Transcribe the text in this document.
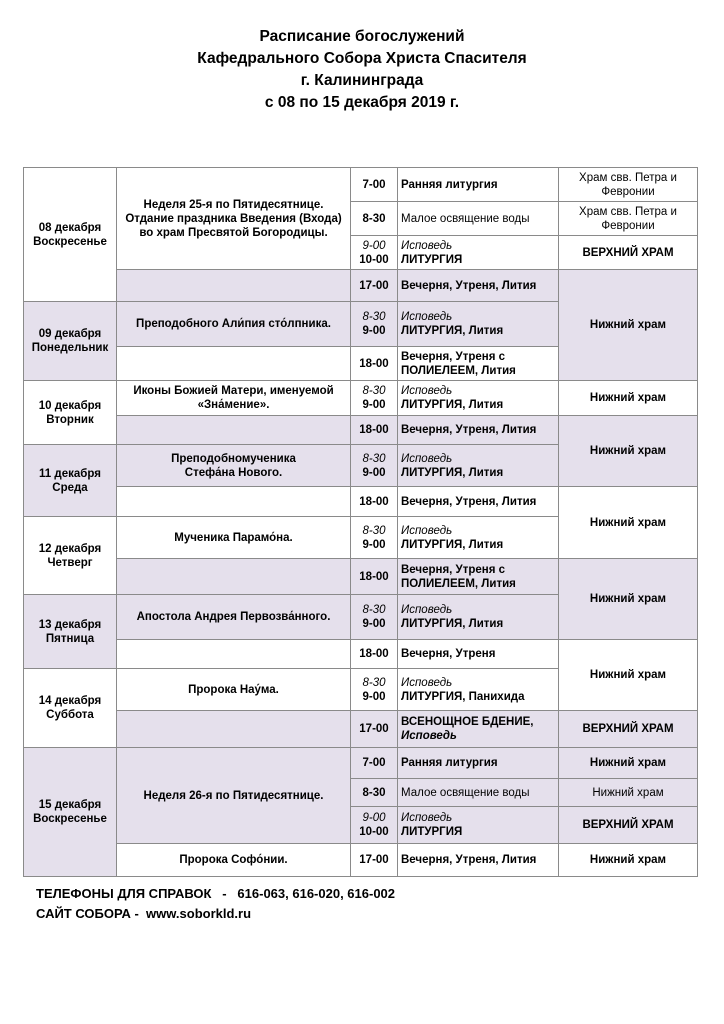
Расписание богослужений
Кафедрального Собора Христа Спасителя
г. Калининграда
с 08 по 15 декабря 2019 г.
08 декабря
Воскресенье	Неделя 25-я по Пятидесятнице.
Отдание праздника Введения (Входа)
во храм Пресвятой Богородицы.	7-00	Ранняя литургия	Храм свв. Петра и
Февронии

		8-30	Малое освящение воды	Храм свв. Петра и
Февронии

		9-00
10-00	Исповедь
ЛИТУРГИЯ	ВЕРХНИЙ ХРАМ
		17-00	Вечерня, Утреня, Лития	Нижний храм

09 декабря
Понедельник	Преподобного Али́пия сто́лпника.	8-30
9-00	Исповедь
ЛИТУРГИЯ, Лития	

		18-00	Вечерня, Утреня с
ПОЛИЕЛЕЕМ, Лития	

10 декабря
Вторник	Иконы Божией Матери, именуемой
«Зна́мение».	8-30
9-00	Исповедь
ЛИТУРГИЯ, Лития	Нижний храм
		18-00	Вечерня, Утреня, Лития	Нижний храм

11 декабря
Среда	Преподобномученика
Стефа́на Нового.	8-30
9-00	Исповедь
ЛИТУРГИЯ, Лития	

		18-00	Вечерня, Утреня, Лития	Нижний храм

12 декабря
Четверг	Мученика Парамо́на.	8-30
9-00	Исповедь
ЛИТУРГИЯ, Лития	

		18-00	Вечерня, Утреня с
ПОЛИЕЛЕЕМ, Лития	Нижний храм

13 декабря
Пятница	Апостола Андрея Первозва́нного.	8-30
9-00	Исповедь
ЛИТУРГИЯ, Лития	

		18-00	Вечерня, Утреня	Нижний храм

14 декабря
Суббота	Пророка Нау́ма.	8-30
9-00	Исповедь
ЛИТУРГИЯ, Панихида	

		17-00	ВСЕНОЩНОЕ БДЕНИЕ,
Исповедь	ВЕРХНИЙ ХРАМ

15 декабря
Воскресенье	Неделя 26-я по Пятидесятнице.	7-00	Ранняя литургия	Нижний храм
		8-30	Малое освящение воды	Нижний храм

		9-00
10-00	Исповедь
ЛИТУРГИЯ	ВЕРХНИЙ ХРАМ
	Пророка Софо́нии.	17-00	Вечерня, Утреня, Лития	Нижний храм
ТЕЛЕФОНЫ ДЛЯ СПРАВОК   -   616-063, 616-020, 616-002
САЙТ СОБОРА -  www.soborkld.ru
